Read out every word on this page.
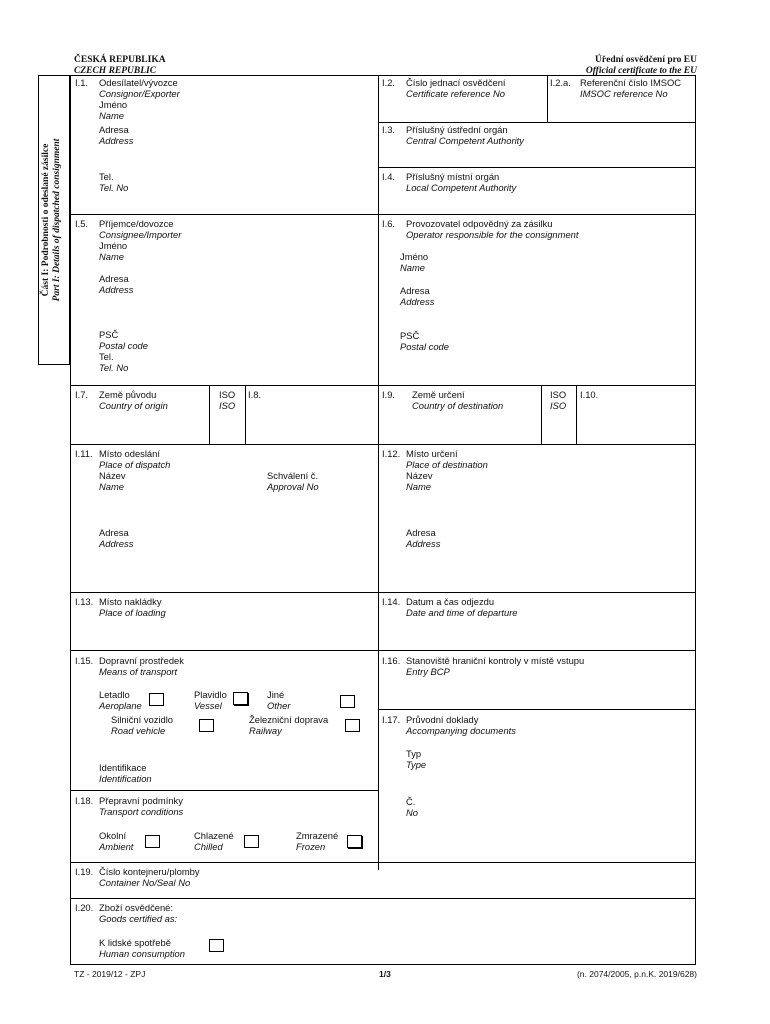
ČESKÁ REPUBLIKA
CZECH REPUBLIC
Úřední osvědčení pro EU
Official certificate to the EU
Část I: Podrobnosti o odeslané zásilce Part I: Details of dispatched consignment
I.1. Odesílatel/vývozce
Consignor/Exporter
Jméno
Name
Adresa
Address
Tel.
Tel. No
I.2. Číslo jednací osvědčení
Certificate reference No
I.2.a. Referenční číslo IMSOC
IMSOC reference No
I.3. Příslušný ústřední orgán
Central Competent Authority
I.4. Příslušný místní orgán
Local Competent Authority
I.5. Příjemce/dovozce
Consignee/Importer
Jméno
Name
Adresa
Address
PSČ
Postal code
Tel.
Tel. No
I.6. Provozovatel odpovědný za zásilku
Operator responsible for the consignment
Jméno
Name
Adresa
Address
PSČ
Postal code
I.7. Země původu
Country of origin
ISO
ISO
I.8.	I.9. Země určení
Country of destination
ISO
ISO
I.10.
I.11. Místo odeslání
Place of dispatch
Název
Name
Schválení č.
Approval No
Adresa
Address
I.12. Místo určení
Place of destination
Název
Name
Adresa
Address
I.13. Místo nakládky
Place of loading
I.14. Datum a čas odjezdu
Date and time of departure
I.15. Dopravní prostředek
Means of transport
Letadlo
Aeroplane
Plavidlo
Vessel
Jiné
Other
Silniční vozidlo
Road vehicle
Železniční doprava
Railway
Identifikace
Identification
I.16. Stanoviště hraniční kontroly v místě vstupu
Entry BCP
I.17. Průvodní doklady
Accompanying documents
Typ
Type
Č.
No
I.18. Přepravní podmínky
Transport conditions
Okolní
Ambient
Chlazené
Chilled
Zmrazené
Frozen
I.19. Číslo kontejneru/plomby
Container No/Seal No
I.20. Zboží osvědčené:
Goods certified as:
K lidské spotřebě
Human consumption
TZ - 2019/12 - ZPJ	1/3	(n. 2074/2005, p.n.K. 2019/628)
